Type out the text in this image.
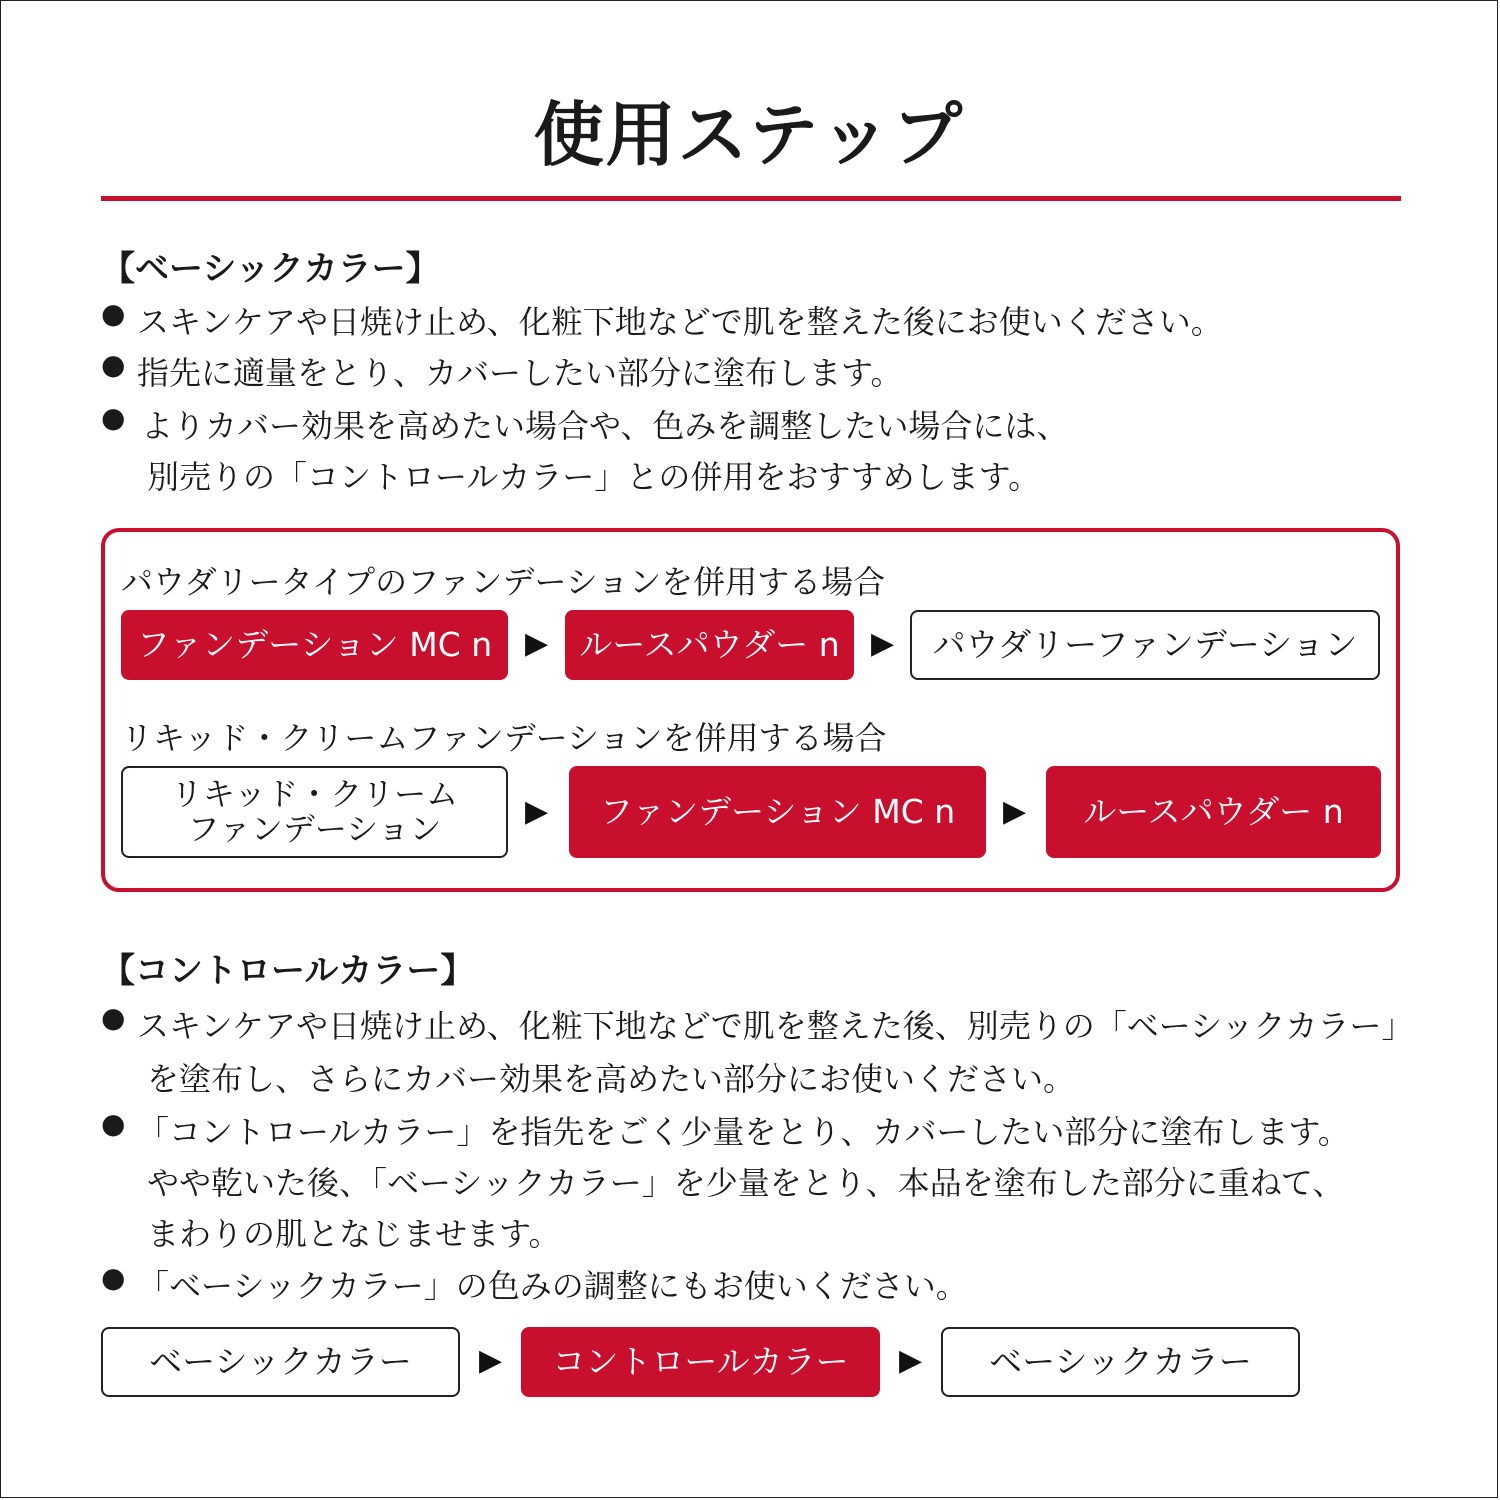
使用ステップ
【ベーシックカラー】
● スキンケアや日焼け止め、化粧下地などで肌を整えた後にお使いください。
● 指先に適量をとり、カバーしたい部分に塗布します。
● よりカバー効果を高めたい場合や、色みを調整したい場合には、
別売りの「コントロールカラー」との併用をおすすめします。
パウダリータイプのファンデーションを併用する場合
ファンデーション MC n	▶ ルースパウダー n	▶	パウダリーファンデーション
リキッド・クリームファンデーションを併用する場合
リキッド・クリーム
ファンデーション	▶	ファンデーション MC n	▶	ルースパウダー n
【コントロールカラー】
● スキンケアや日焼け止め、化粧下地などで肌を整えた後、別売りの「ベーシックカラー」
を塗布し、さらにカバー効果を高めたい部分にお使いください。
● 「コントロールカラー」を指先をごく少量をとり、カバーしたい部分に塗布します。
やや乾いた後、「ベーシックカラー」を少量をとり、本品を塗布した部分に重ねて、
まわりの肌となじませます。
● 「ベーシックカラー」の色みの調整にもお使いください。
ベーシックカラー	▶	コントロールカラー	▶	ベーシックカラー
